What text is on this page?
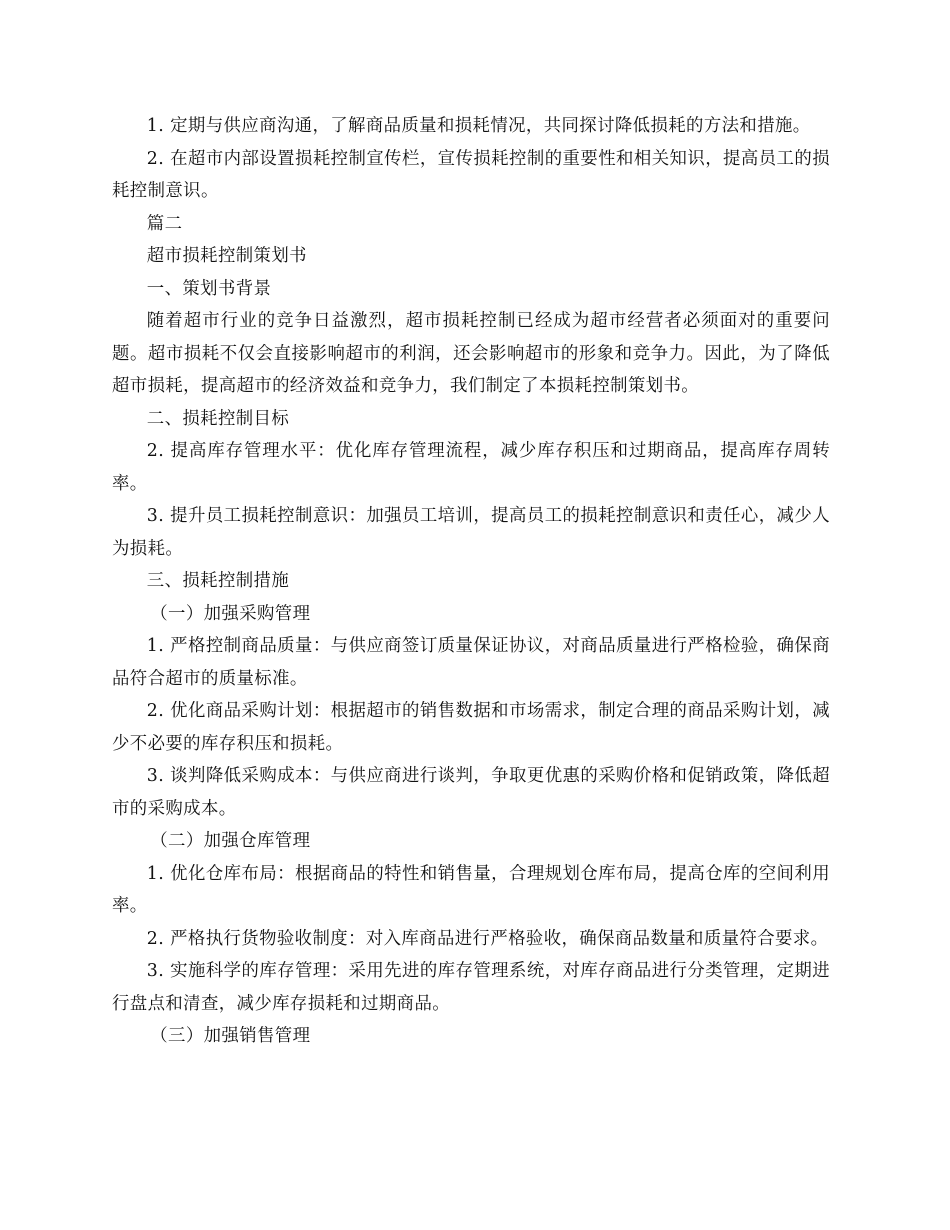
1. 定期与供应商沟通，了解商品质量和损耗情况，共同探讨降低损耗的方法和措施。

2. 在超市内部设置损耗控制宣传栏，宣传损耗控制的重要性和相关知识，提高员工的损耗控制意识。

篇二

超市损耗控制策划书

一、策划书背景

随着超市行业的竞争日益激烈，超市损耗控制已经成为超市经营者必须面对的重要问题。超市损耗不仅会直接影响超市的利润，还会影响超市的形象和竞争力。因此，为了降低超市损耗，提高超市的经济效益和竞争力，我们制定了本损耗控制策划书。

二、损耗控制目标

2. 提高库存管理水平：优化库存管理流程，减少库存积压和过期商品，提高库存周转率。

3. 提升员工损耗控制意识：加强员工培训，提高员工的损耗控制意识和责任心，减少人为损耗。

三、损耗控制措施

（一）加强采购管理

1. 严格控制商品质量：与供应商签订质量保证协议，对商品质量进行严格检验，确保商品符合超市的质量标准。

2. 优化商品采购计划：根据超市的销售数据和市场需求，制定合理的商品采购计划，减少不必要的库存积压和损耗。

3. 谈判降低采购成本：与供应商进行谈判，争取更优惠的采购价格和促销政策，降低超市的采购成本。

（二）加强仓库管理

1. 优化仓库布局：根据商品的特性和销售量，合理规划仓库布局，提高仓库的空间利用率。

2. 严格执行货物验收制度：对入库商品进行严格验收，确保商品数量和质量符合要求。

3. 实施科学的库存管理：采用先进的库存管理系统，对库存商品进行分类管理，定期进行盘点和清查，减少库存损耗和过期商品。

（三）加强销售管理
